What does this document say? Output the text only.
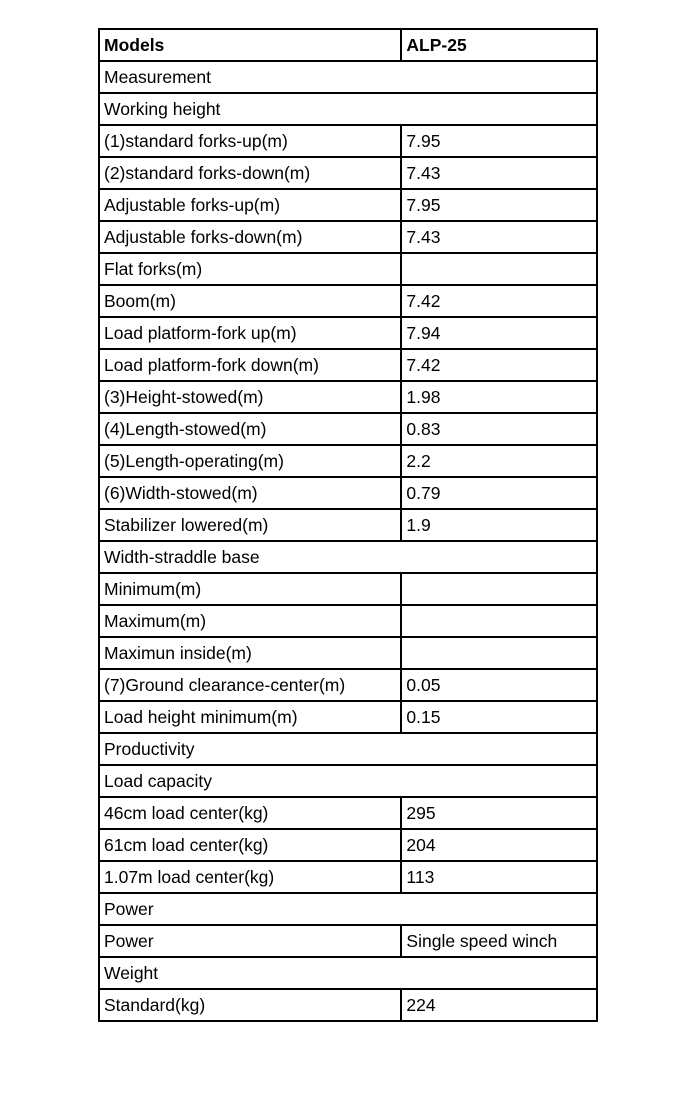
Models	ALP-25
Measurement	
Working height	
(1)standard forks-up(m)	7.95
(2)standard forks-down(m)	7.43
Adjustable forks-up(m)	7.95
Adjustable forks-down(m)	7.43
Flat forks(m)	
Boom(m)	7.42
Load platform-fork up(m)	7.94
Load platform-fork down(m)	7.42
(3)Height-stowed(m)	1.98
(4)Length-stowed(m)	0.83
(5)Length-operating(m)	2.2
(6)Width-stowed(m)	0.79
Stabilizer lowered(m)	1.9
Width-straddle base	
Minimum(m)	
Maximum(m)	
Maximun inside(m)	
(7)Ground clearance-center(m)	0.05
Load height minimum(m)	0.15
Productivity	
Load capacity	
46cm load center(kg)	295
61cm load center(kg)	204
1.07m load center(kg)	113
Power	
Power	Single speed winch
Weight	
Standard(kg)	224
